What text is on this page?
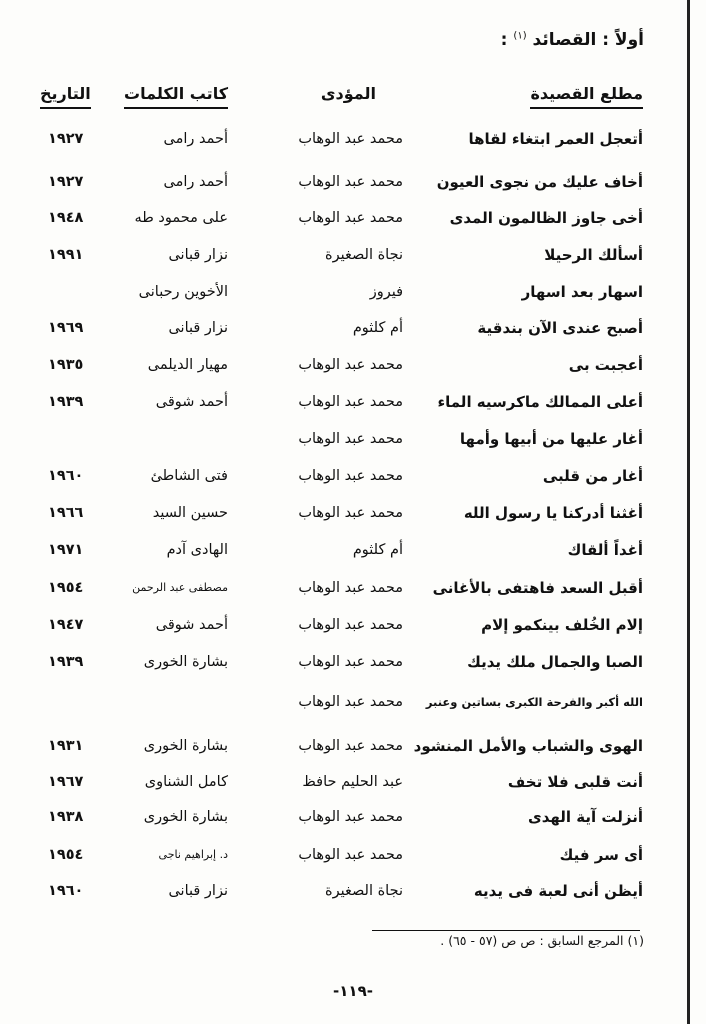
أولاً : القصائد $^{(١)}$ :
مطلع القصيدة
المؤدى
كاتب الكلمات
التاريخ
أتعجل العمر ابتغاء لقاها
محمد عبد الوهاب
أحمد رامى
١٩٢٧
أخاف عليك من نجوى العيون
محمد عبد الوهاب
أحمد رامى
١٩٢٧
أخى جاوز الظالمون المدى
محمد عبد الوهاب
على محمود طه
١٩٤٨
أسألك الرحيلا
نجاة الصغيرة
نزار قبانى
١٩٩١
اسهار بعد اسهار
فيروز
الأخوين رحبانى
أصبح عندى الآن بندقية
أم كلثوم
نزار قبانى
١٩٦٩
أعجبت بى
محمد عبد الوهاب
مهيار الديلمى
١٩٣٥
أعلى الممالك ماكرسيه الماء
محمد عبد الوهاب
أحمد شوقى
١٩٣٩
أغار عليها من أبيها وأمها
محمد عبد الوهاب
أغار من قلبى
محمد عبد الوهاب
فتى الشاطئ
١٩٦٠
أغثنا أدركنا يا رسول الله
محمد عبد الوهاب
حسين السيد
١٩٦٦
أغداً ألقاك
أم كلثوم
الهادى آدم
١٩٧١
أقبل السعد فاهتفى بالأغانى
محمد عبد الوهاب
مصطفى عبد الرحمن
١٩٥٤
إلام الخُلف بينكمو إلام
محمد عبد الوهاب
أحمد شوقى
١٩٤٧
الصبا والجمال ملك يديك
محمد عبد الوهاب
بشارة الخورى
١٩٣٩
الله أكبر والفرحة الكبرى بساتين وعنبر
محمد عبد الوهاب
الهوى والشباب والأمل المنشود
محمد عبد الوهاب
بشارة الخورى
١٩٣١
أنت قلبى فلا تخف
عبد الحليم حافظ
كامل الشناوى
١٩٦٧
أنزلت آية الهدى
محمد عبد الوهاب
بشارة الخورى
١٩٣٨
أى سر فيك
محمد عبد الوهاب
د. إبراهيم ناجى
١٩٥٤
أيظن أنى لعبة فى يديه
نجاة الصغيرة
نزار قبانى
١٩٦٠
(١) المرجع السابق : ص ص (٥٧ - ٦٥) .
-١١٩-
